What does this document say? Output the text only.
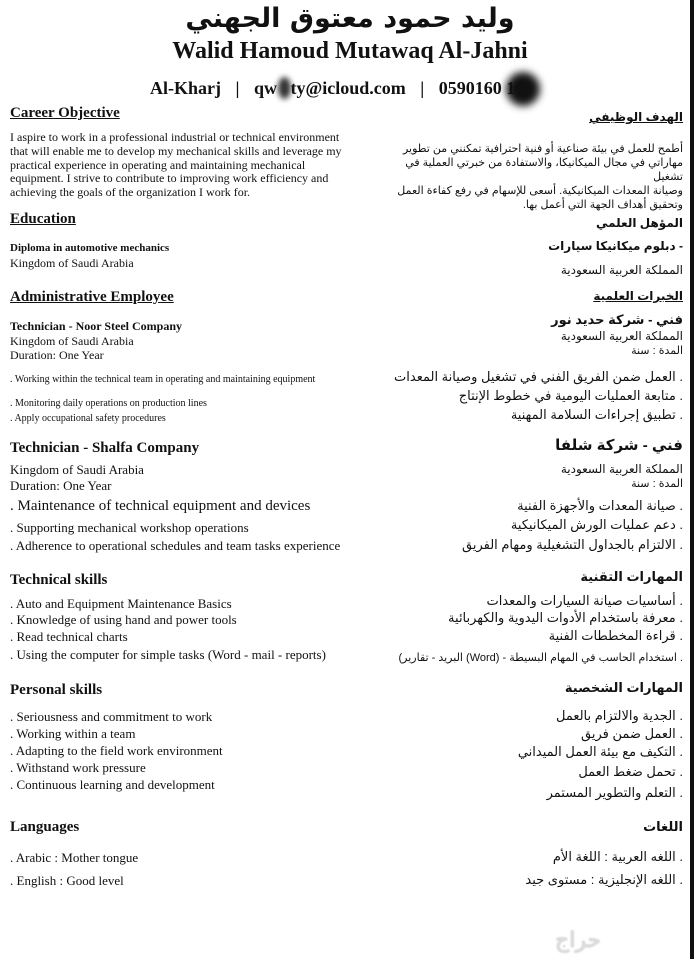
وليد حمود معتوق الجهني
Walid Hamoud Mutawaq Al-Jahni
Al-Kharj | qw   ty@icloud.com | 0590160 10
Career Objective
I aspire to work in a professional industrial or technical environment
that will enable me to develop my mechanical skills and leverage my
practical experience in operating and maintaining mechanical
equipment. I strive to contribute to improving work efficiency and
achieving the goals of the organization I work for.
Education
Diploma in automotive mechanics
Kingdom of Saudi Arabia
Administrative Employee
Technician - Noor Steel Company
Kingdom of Saudi Arabia
Duration: One Year
. Working within the technical team in operating and maintaining equipment
. Monitoring daily operations on production lines
. Apply occupational safety procedures
Technician - Shalfa Company
Kingdom of Saudi Arabia
Duration: One Year
. Maintenance of technical equipment and devices
. Supporting mechanical workshop operations
. Adherence to operational schedules and team tasks experience
Technical skills
. Auto and Equipment Maintenance Basics
. Knowledge of using hand and power tools
. Read technical charts
. Using the computer for simple tasks (Word - mail - reports)
Personal skills
. Seriousness and commitment to work
. Working within a team
. Adapting to the field work environment
. Withstand work pressure
. Continuous learning and development
Languages
. Arabic : Mother tongue
. English : Good level
الهدف الوظيفي
أطمح للعمل في بيئة صناعية أو فنية احترافية تمكنني من تطوير
مهاراتي في مجال الميكانيكا، والاستفادة من خبرتي العملية في تشغيل
وصيانة المعدات الميكانيكية. أسعى للإسهام في رفع كفاءة العمل
وتحقيق أهداف الجهة التي أعمل بها.
المؤهل العلمي
- دبلوم ميكانيكا سيارات
المملكة العربية السعودية
الخبرات العلمية
فني - شركة حديد نور
المملكة العربية السعودية
المدة : سنة
. العمل ضمن الفريق الفني في تشغيل وصيانة المعدات
. متابعة العمليات اليومية في خطوط الإنتاج
. تطبيق إجراءات السلامة المهنية
فني - شركة شلفا
المملكة العربية السعودية
المدة : سنة
. صيانة المعدات والأجهزة الفنية
. دعم عمليات الورش الميكانيكية
. الالتزام بالجداول التشغيلية ومهام الفريق
المهارات التقنية
. أساسيات صيانة السيارات والمعدات
. معرفة باستخدام الأدوات اليدوية والكهربائية
. قراءة المخططات الفنية
. استخدام الحاسب في المهام البسيطة - (Word) البريد - تقارير)
المهارات الشخصية
. الجدية والالتزام بالعمل
. العمل ضمن فريق
. التكيف مع بيئة العمل الميداني
. تحمل ضغط العمل
. التعلم والتطوير المستمر
اللغات
. اللغه العربية : اللغة الأم
. اللغه الإنجليزية : مستوى جيد
حراج
